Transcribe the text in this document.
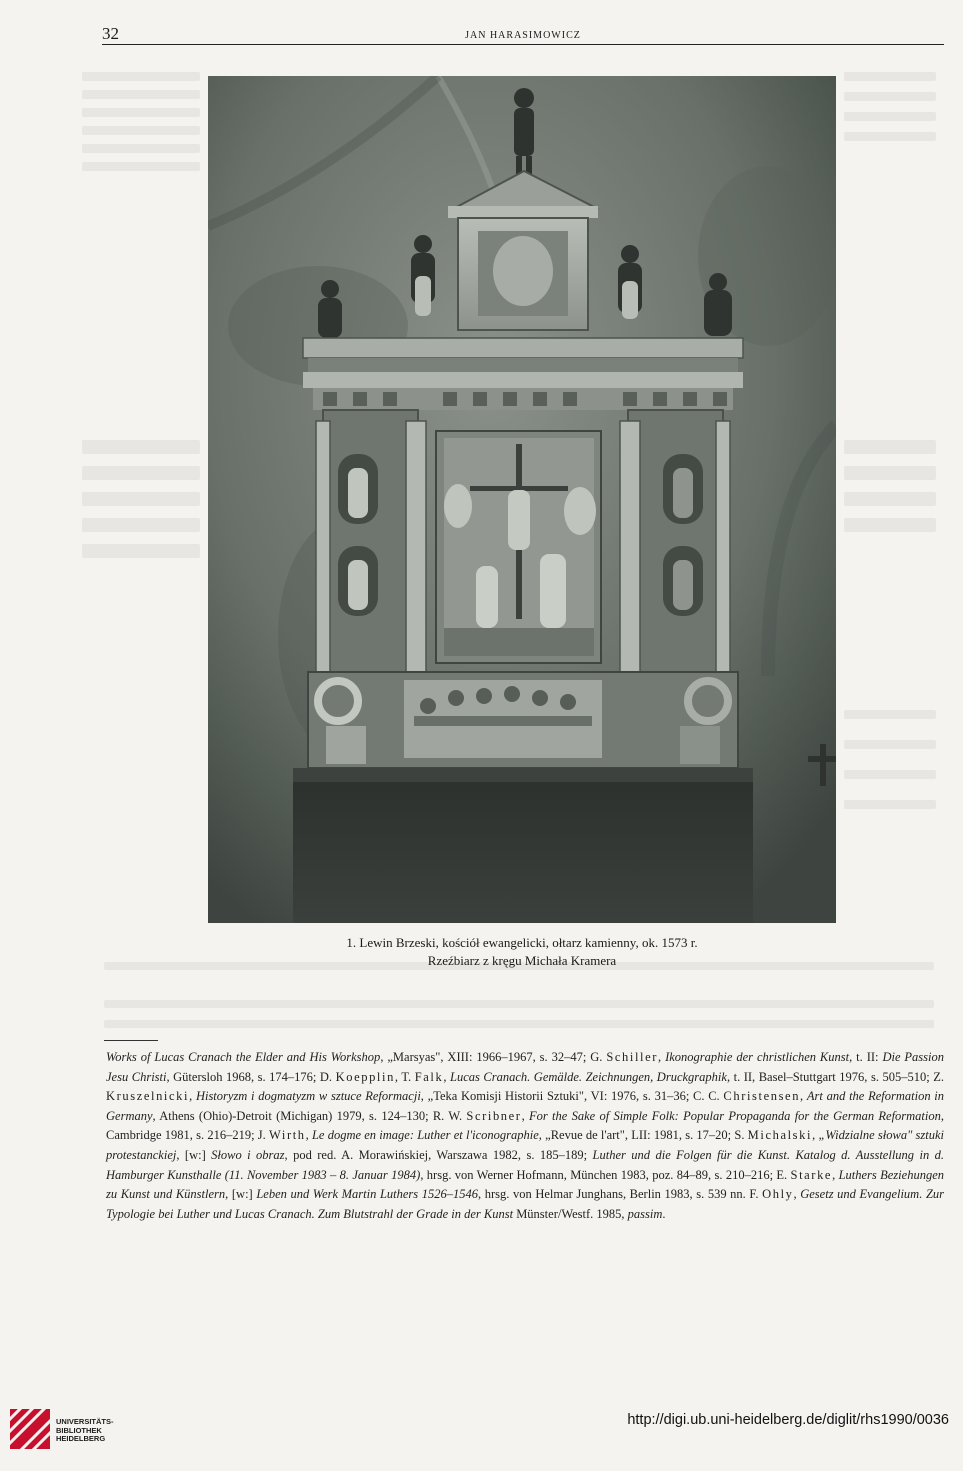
32	JAN HARASIMOWICZ
1. Lewin Brzeski, kościół ewangelicki, ołtarz kamienny, ok. 1573 r.
Rzeźbiarz z kręgu Michała Kramera
Works of Lucas Cranach the Elder and His Workshop, „Marsyas", XIII: 1966–1967, s. 32–47; G. Schiller, Ikonographie der christlichen Kunst, t. II: Die Passion Jesu Christi, Gütersloh 1968, s. 174–176; D. Koepplin, T. Falk, Lucas Cranach. Gemälde. Zeichnungen, Druckgraphik, t. II, Basel–Stuttgart 1976, s. 505–510; Z. Kruszelnicki, Historyzm i dogmatyzm w sztuce Reformacji, „Teka Komisji Historii Sztuki", VI: 1976, s. 31–36; C. C. Christensen, Art and the Reformation in Germany, Athens (Ohio)-Detroit (Michigan) 1979, s. 124–130; R. W. Scribner, For the Sake of Simple Folk: Popular Propaganda for the German Reformation, Cambridge 1981, s. 216–219; J. Wirth, Le dogme en image: Luther et l'iconographie, „Revue de l'art", LII: 1981, s. 17–20; S. Michalski, „Widzialne słowa" sztuki protestanckiej, [w:] Słowo i obraz, pod red. A. Morawińskiej, Warszawa 1982, s. 185–189; Luther und die Folgen für die Kunst. Katalog d. Ausstellung in d. Hamburger Kunsthalle (11. November 1983 – 8. Januar 1984), hrsg. von Werner Hofmann, München 1983, poz. 84–89, s. 210–216; E. Starke, Luthers Beziehungen zu Kunst und Künstlern, [w:] Leben und Werk Martin Luthers 1526–1546, hrsg. von Helmar Junghans, Berlin 1983, s. 539 nn. F. Ohly, Gesetz und Evangelium. Zur Typologie bei Luther und Lucas Cranach. Zum Blutstrahl der Grade in der Kunst Münster/Westf. 1985, passim.
UNIVERSITÄTS-
BIBLIOTHEK
HEIDELBERG
http://digi.ub.uni-heidelberg.de/diglit/rhs1990/0036
